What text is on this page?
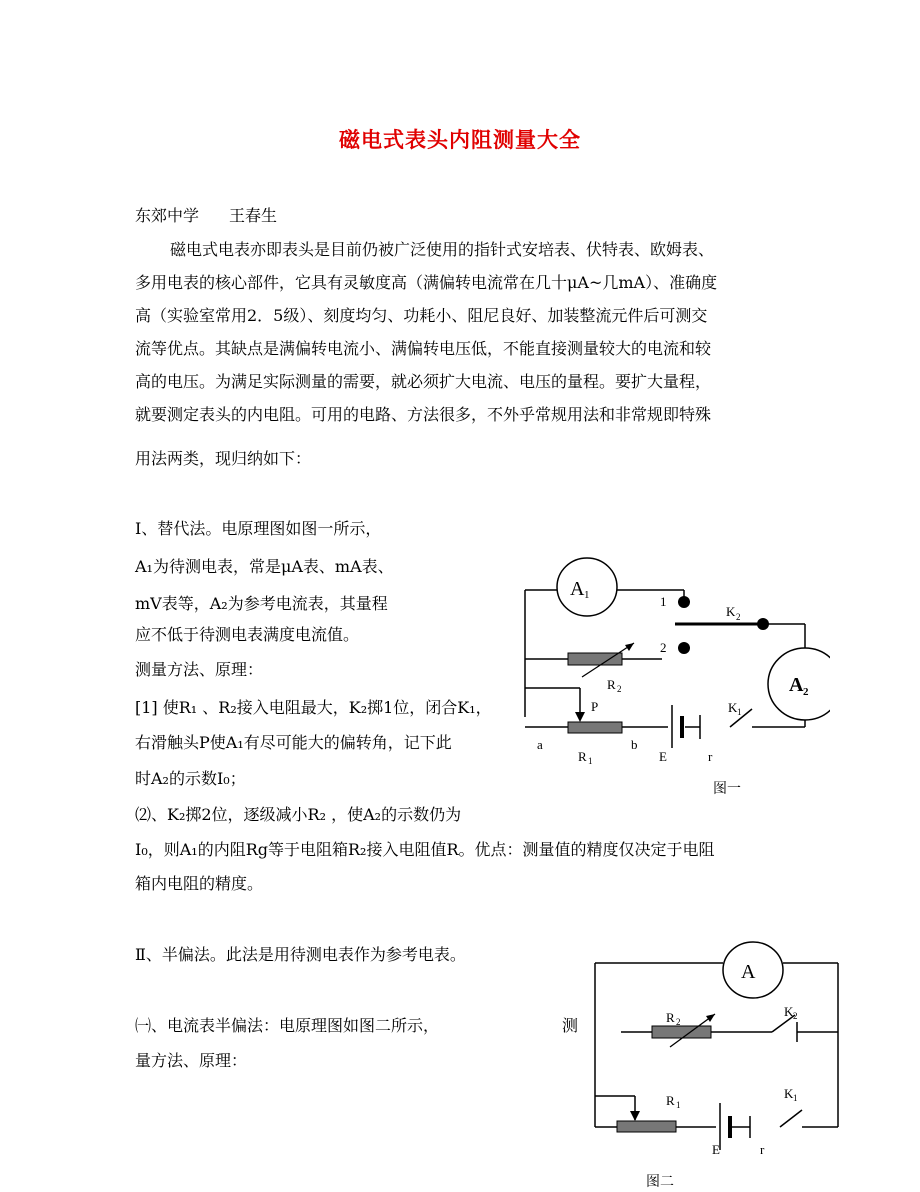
磁电式表头内阻测量大全
东郊中学 王春生
磁电式电表亦即表头是目前仍被广泛使用的指针式安培表、伏特表、欧姆表、
多用电表的核心部件，它具有灵敏度高（满偏转电流常在几十μA~几mA）、准确度
高（实验室常用2．5级）、刻度均匀、功耗小、阻尼良好、加装整流元件后可测交
流等优点。其缺点是满偏转电流小、满偏转电压低，不能直接测量较大的电流和较
高的电压。为满足实际测量的需要，就必须扩大电流、电压的量程。要扩大量程，
就要测定表头的内电阻。可用的电路、方法很多，不外乎常规用法和非常规即特殊
用法两类，现归纳如下：
Ⅰ、替代法。电原理图如图一所示，
A₁为待测电表，常是μA表、mA表、
mV表等，A₂为参考电流表，其量程
应不低于待测电表满度电流值。
测量方法、原理：
[1] 使R₁ 、R₂接入电阻最大，K₂掷1位，闭合K₁，
右滑触头P使A₁有尽可能大的偏转角，记下此
时A₂的示数I₀；
⑵、K₂掷2位，逐级减小R₂ ，使A₂的示数仍为
I₀，则A₁的内阻Rg等于电阻箱R₂接入电阻值R。优点：测量值的精度仅决定于电阻
箱内电阻的精度。
Ⅱ、半偏法。此法是用待测电表作为参考电表。
㈠、电流表半偏法：电原理图如图二所示，	测
量方法、原理：
A 1
A 2
1
2
K 2
R 2
P
a	b
R 1	E	r
K 1
图一
A
R 2
K 2
R 1
E	r
K 1
图二
